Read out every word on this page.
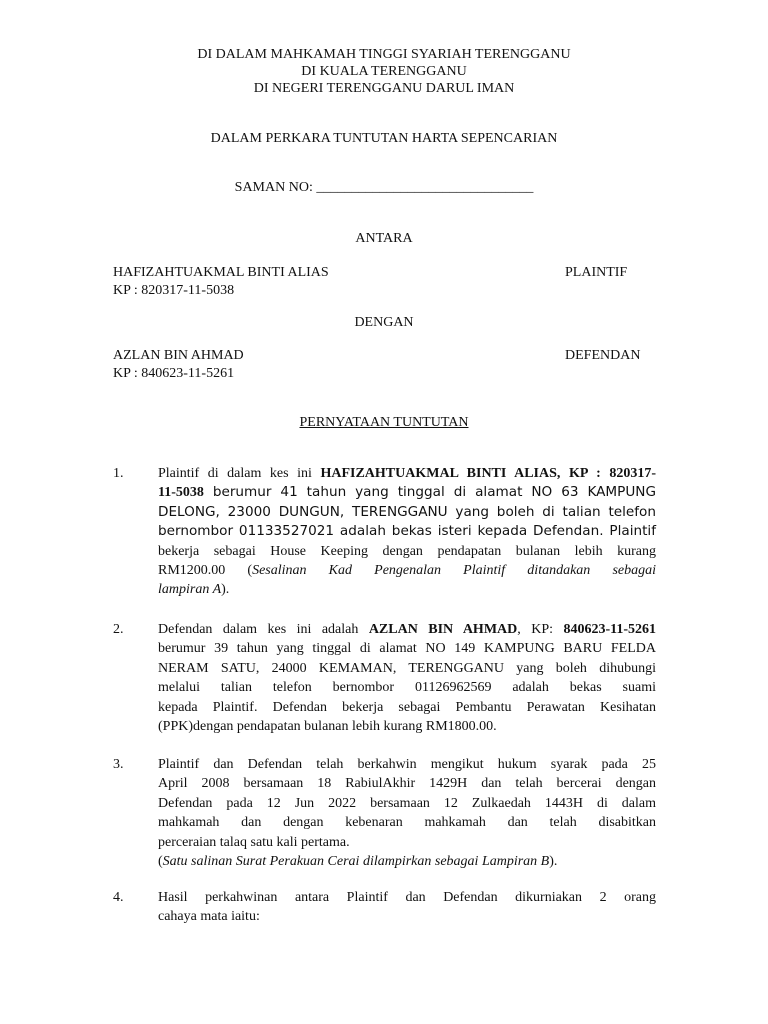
DI DALAM MAHKAMAH TINGGI SYARIAH TERENGGANU
DI KUALA TERENGGANU
DI NEGERI TERENGGANU DARUL IMAN
DALAM PERKARA TUNTUTAN HARTA SEPENCARIAN
SAMAN NO: _______________________________
ANTARA
HAFIZAHTUAKMAL BINTI ALIAS
KP : 820317-11-5038
PLAINTIF
DENGAN
AZLAN BIN AHMAD
KP : 840623-11-5261
DEFENDAN
PERNYATAAN TUNTUTAN
1. Plaintif di dalam kes ini HAFIZAHTUAKMAL BINTI ALIAS, KP : 820317-
11-5038 berumur 41 tahun yang tinggal di alamat NO 63 KAMPUNG
DELONG, 23000 DUNGUN, TERENGGANU yang boleh di talian telefon
bernombor 01133527021 adalah bekas isteri kepada Defendan. Plaintif
bekerja sebagai House Keeping dengan pendapatan bulanan lebih kurang
RM1200.00 (Sesalinan Kad Pengenalan Plaintif ditandakan sebagai
lampiran A).
2. Defendan dalam kes ini adalah AZLAN BIN AHMAD, KP: 840623-11-5261
berumur 39 tahun yang tinggal di alamat NO 149 KAMPUNG BARU FELDA
NERAM SATU, 24000 KEMAMAN, TERENGGANU yang boleh dihubungi
melalui talian telefon bernombor 01126962569 adalah bekas suami
kepada Plaintif. Defendan bekerja sebagai Pembantu Perawatan Kesihatan
(PPK)dengan pendapatan bulanan lebih kurang RM1800.00.
3. Plaintif dan Defendan telah berkahwin mengikut hukum syarak pada 25
April 2008 bersamaan 18 RabiulAkhir 1429H dan telah bercerai dengan
Defendan pada 12 Jun 2022 bersamaan 12 Zulkaedah 1443H di dalam
mahkamah dan dengan kebenaran mahkamah dan telah disabitkan
perceraian talaq satu kali pertama.
(Satu salinan Surat Perakuan Cerai dilampirkan sebagai Lampiran B).
4. Hasil perkahwinan antara Plaintif dan Defendan dikurniakan 2 orang
cahaya mata iaitu:
